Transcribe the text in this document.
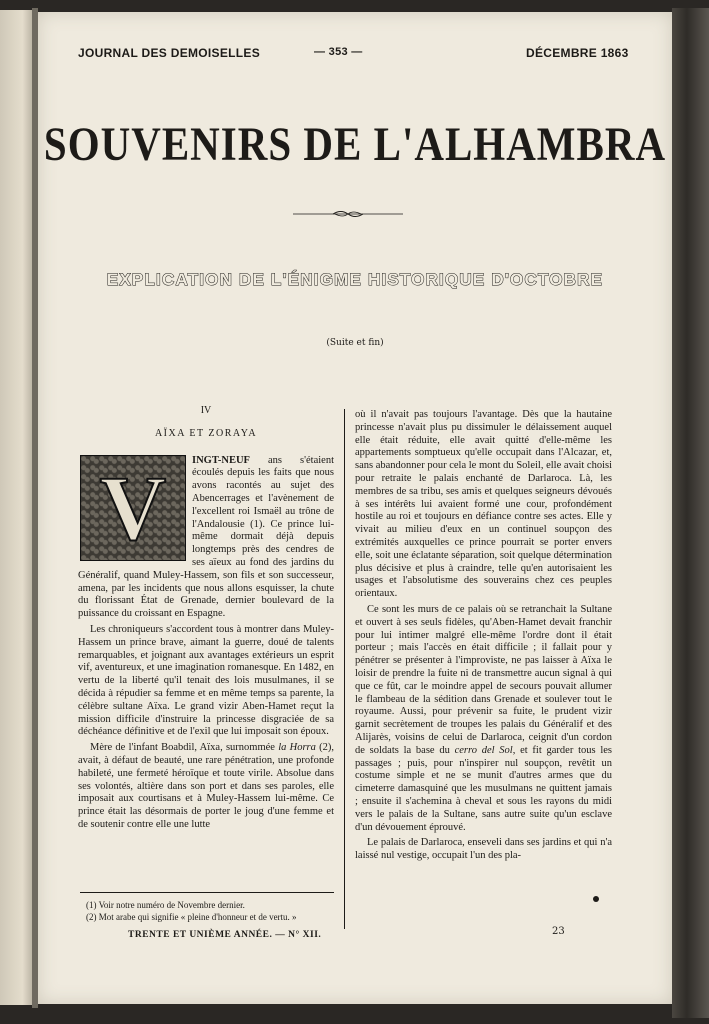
JOURNAL DES DEMOISELLES	— 353 —	DÉCEMBRE 1863
SOUVENIRS DE L'ALHAMBRA
EXPLICATION DE L'ÉNIGME HISTORIQUE D'OCTOBRE
(Suite et fin)
IV
AÏXA ET ZORAYA

V INGT-NEUF ans s'étaient écoulés depuis les faits que nous avons racontés au sujet des Abencerrages et l'avènement de l'excellent roi Ismaël au trône de l'Andalousie (1). Ce prince lui-même dormait déjà depuis longtemps près des cendres de ses aïeux au fond des jardins du Généralif, quand Muley-Hassem, son fils et son successeur, amena, par les incidents que nous allons esquisser, la chute du florissant État de Grenade, dernier boulevard de la puissance du croissant en Espagne.

Les chroniqueurs s'accordent tous à montrer dans Muley-Hassem un prince brave, aimant la guerre, doué de talents remarquables, et joignant aux avantages extérieurs un esprit vif, aventureux, et une imagination romanesque. En 1482, en vertu de la liberté qu'il tenait des lois musulmanes, il se décida à répudier sa femme et en même temps sa parente, la célèbre sultane Aïxa. Le grand vizir Aben-Hamet reçut la mission difficile d'instruire la princesse disgraciée de sa déchéance définitive et de l'exil que lui imposait son époux.

Mère de l'infant Boabdil, Aïxa, surnommée la Horra (2), avait, à défaut de beauté, une rare pénétration, une profonde habileté, une fermeté héroïque et toute virile. Absolue dans ses volontés, altière dans son port et dans ses paroles, elle imposait aux courtisans et à Muley-Hassem lui-même. Ce prince était las désormais de porter le joug d'une femme et de soutenir contre elle une lutte

où il n'avait pas toujours l'avantage. Dès que la hautaine princesse n'avait plus pu dissimuler le délaissement auquel elle était réduite, elle avait quitté d'elle-même les appartements somptueux qu'elle occupait dans l'Alcazar, et, sans abandonner pour cela le mont du Soleil, elle avait choisi pour retraite le palais enchanté de Darlaroca. Là, les membres de sa tribu, ses amis et quelques seigneurs dévoués à ses intérêts lui avaient formé une cour, profondément hostile au roi et toujours en défiance contre ses actes. Elle y vivait au milieu d'eux en un continuel soupçon des extrémités auxquelles ce prince pourrait se porter envers elle, soit une éclatante séparation, soit quelque détermination plus décisive et plus à craindre, telle qu'en autorisaient les usages et l'absolutisme des souverains chez ces peuples orientaux.

Ce sont les murs de ce palais où se retranchait la Sultane et ouvert à ses seuls fidèles, qu'Aben-Hamet devait franchir pour lui intimer malgré elle-même l'ordre dont il était porteur ; mais l'accès en était difficile ; il fallait pour y pénétrer se présenter à l'improviste, ne pas laisser à Aïxa le loisir de prendre la fuite ni de transmettre aucun signal à qui que ce fût, car le moindre appel de secours pouvait allumer le flambeau de la sédition dans Grenade et soulever tout le royaume. Aussi, pour prévenir sa fuite, le prudent vizir garnit secrètement de troupes les palais du Généralif et des Alijarès, voisins de celui de Darlaroca, ceignit d'un cordon de soldats la base du cerro del Sol, et fit garder tous les passages ; puis, pour n'inspirer nul soupçon, revêtit un costume simple et ne se munit d'autres armes que du cimeterre damasquiné que les musulmans ne quittent jamais ; ensuite il s'achemina à cheval et sous les rayons du midi vers le palais de la Sultane, sans autre suite qu'un esclave d'un dévouement éprouvé.

Le palais de Darlaroca, enseveli dans ses jardins et qui n'a laissé nul vestige, occupait l'un des pla-

(1) Voir notre numéro de Novembre dernier.
(2) Mot arabe qui signifie « pleine d'honneur et de vertu. »
TRENTE ET UNIÈME ANNÉE. — N° XII.	23
